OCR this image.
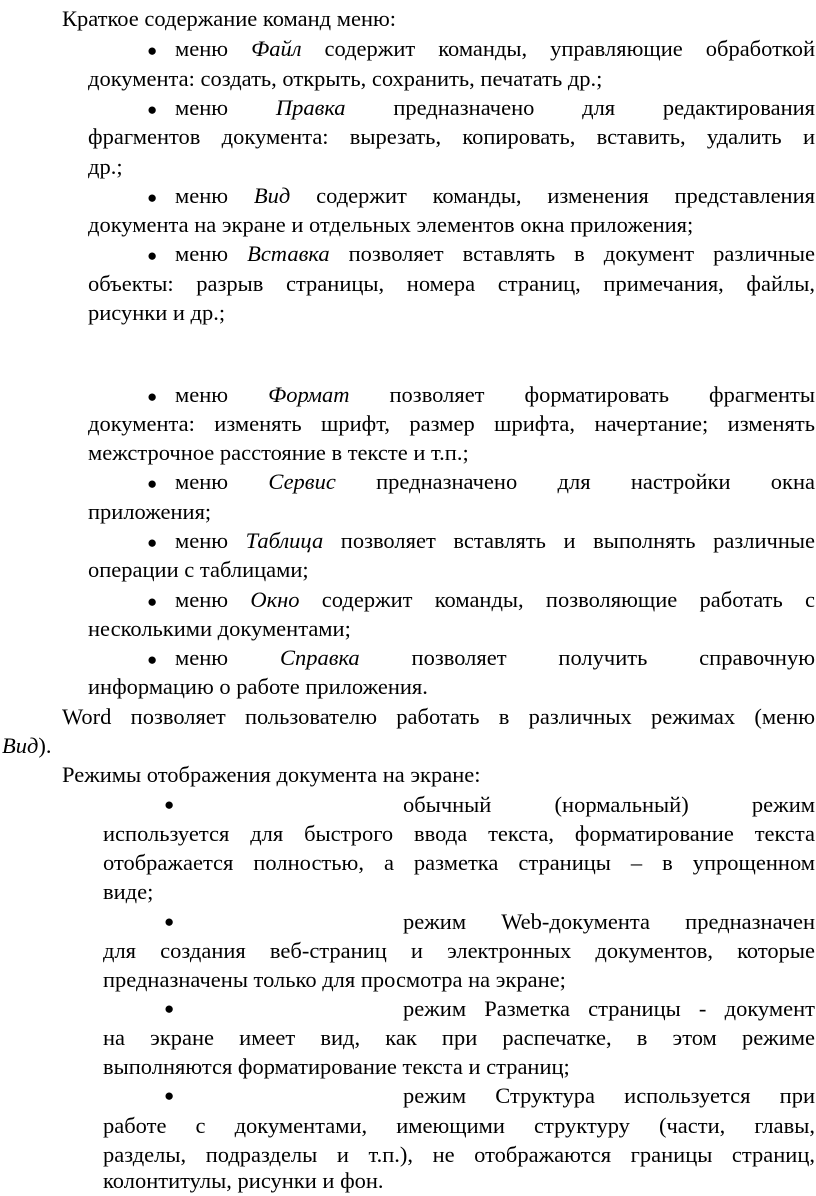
Краткое содержание команд меню:
● меню Файл содержит команды, управляющие обработкой
документа: создать, открыть, сохранить, печатать др.;
● меню Правка предназначено для редактирования
фрагментов документа: вырезать, копировать, вставить, удалить и
др.;
● меню Вид содержит команды, изменения представления
документа на экране и отдельных элементов окна приложения;
● меню Вставка позволяет вставлять в документ различные
объекты: разрыв страницы, номера страниц, примечания, файлы,
рисунки и др.;
● меню Формат позволяет форматировать фрагменты
документа: изменять шрифт, размер шрифта, начертание; изменять
межстрочное расстояние в тексте и т.п.;
● меню Сервис предназначено для настройки окна
приложения;
● меню Таблица позволяет вставлять и выполнять различные
операции с таблицами;
● меню Окно содержит команды, позволяющие работать с
несколькими документами;
● меню Справка позволяет получить справочную
информацию о работе приложения.
Word позволяет пользователю работать в различных режимах (меню
Вид).
Режимы отображения документа на экране:
●	обычный (нормальный) режим
используется для быстрого ввода текста, форматирование текста
отображается полностью, а разметка страницы – в упрощенном
виде;
●	режим Web-документа предназначен
для создания веб-страниц и электронных документов, которые
предназначены только для просмотра на экране;
●	режим Разметка страницы - документ
на экране имеет вид, как при распечатке, в этом режиме
выполняются форматирование текста и страниц;
●	режим Структура используется при
работе с документами, имеющими структуру (части, главы,
разделы, подразделы и т.п.), не отображаются границы страниц,
колонтитулы, рисунки и фон.
